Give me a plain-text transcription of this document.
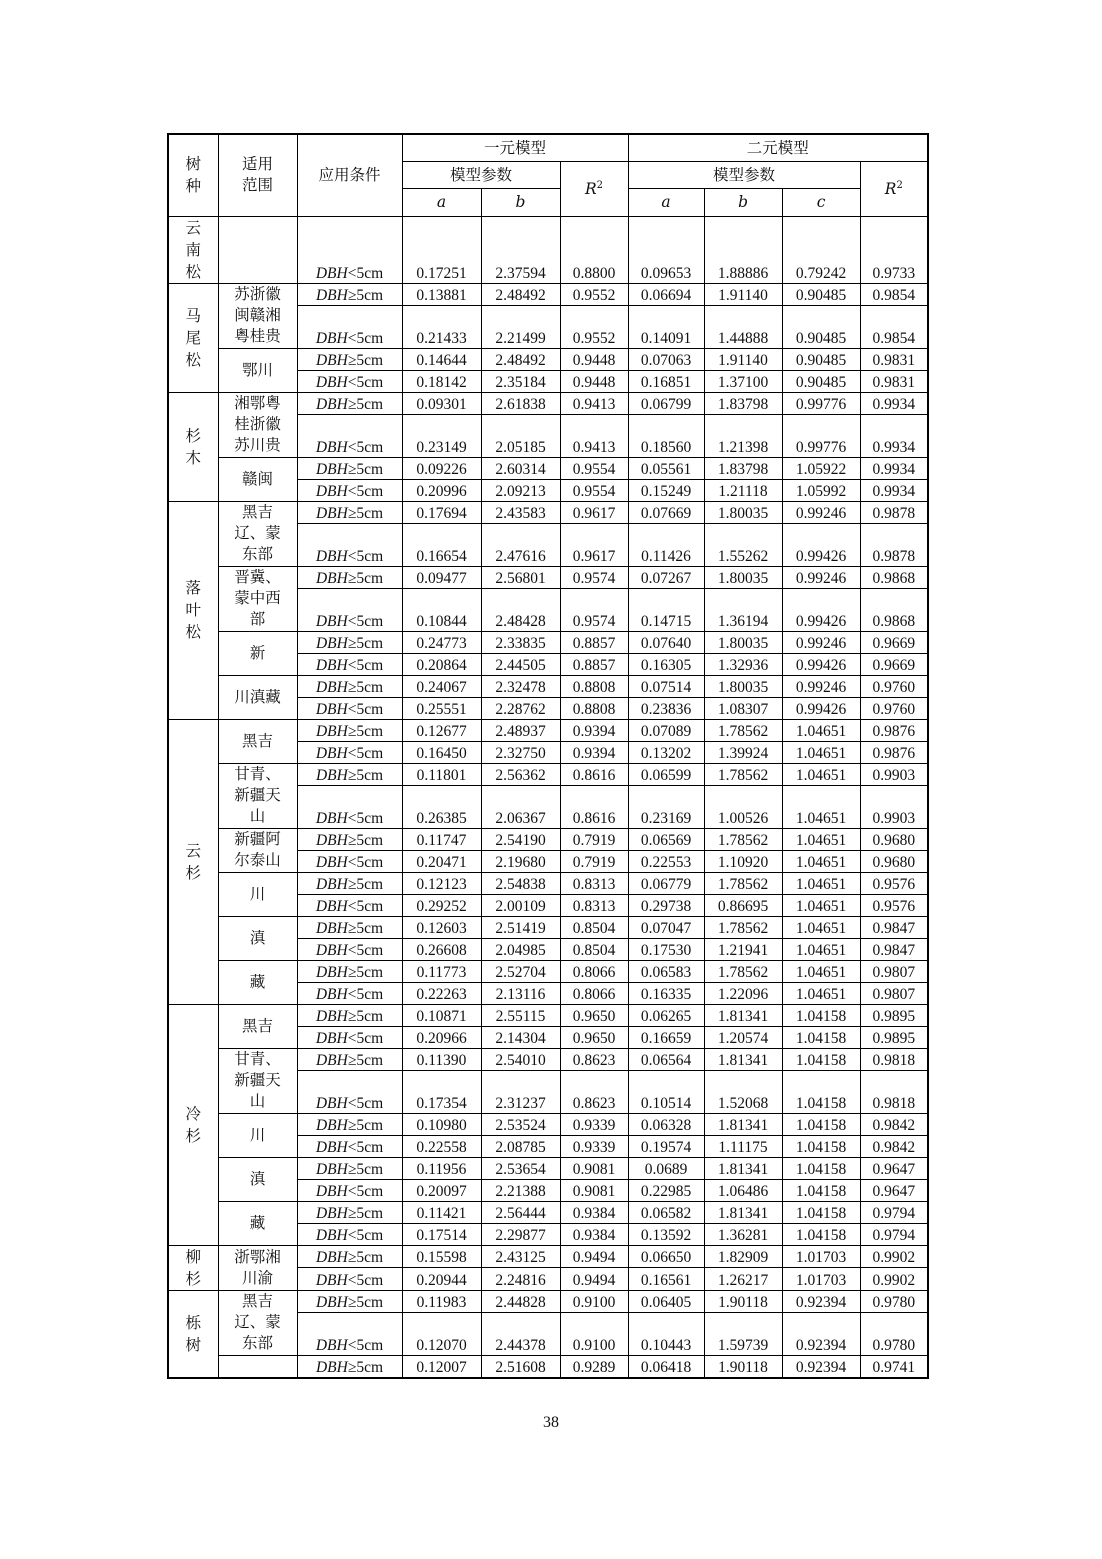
树种	适用范围	应用条件	一元模型			二元模型			
			模型参数		$R^2$	模型参数			$R^2$
			a	b		a	b	c	
云南松		DBH<5cm	0.17251	2.37594	0.8800	0.09653	1.88886	0.79242	0.9733
马尾松	苏浙徽闽赣湘粤桂贵	DBH≥5cm	0.13881	2.48492	0.9552	0.06694	1.91140	0.90485	0.9854
		DBH<5cm	0.21433	2.21499	0.9552	0.14091	1.44888	0.90485	0.9854
	鄂川	DBH≥5cm	0.14644	2.48492	0.9448	0.07063	1.91140	0.90485	0.9831
		DBH<5cm	0.18142	2.35184	0.9448	0.16851	1.37100	0.90485	0.9831
杉木	湘鄂粤桂浙徽苏川贵	DBH≥5cm	0.09301	2.61838	0.9413	0.06799	1.83798	0.99776	0.9934
		DBH<5cm	0.23149	2.05185	0.9413	0.18560	1.21398	0.99776	0.9934
	赣闽	DBH≥5cm	0.09226	2.60314	0.9554	0.05561	1.83798	1.05922	0.9934
		DBH<5cm	0.20996	2.09213	0.9554	0.15249	1.21118	1.05992	0.9934
落叶松	黑吉辽、蒙东部	DBH≥5cm	0.17694	2.43583	0.9617	0.07669	1.80035	0.99246	0.9878
		DBH<5cm	0.16654	2.47616	0.9617	0.11426	1.55262	0.99426	0.9878
	晋冀、蒙中西部	DBH≥5cm	0.09477	2.56801	0.9574	0.07267	1.80035	0.99246	0.9868
		DBH<5cm	0.10844	2.48428	0.9574	0.14715	1.36194	0.99426	0.9868
	新	DBH≥5cm	0.24773	2.33835	0.8857	0.07640	1.80035	0.99246	0.9669
		DBH<5cm	0.20864	2.44505	0.8857	0.16305	1.32936	0.99426	0.9669
	川滇藏	DBH≥5cm	0.24067	2.32478	0.8808	0.07514	1.80035	0.99246	0.9760
		DBH<5cm	0.25551	2.28762	0.8808	0.23836	1.08307	0.99426	0.9760
云杉	黑吉	DBH≥5cm	0.12677	2.48937	0.9394	0.07089	1.78562	1.04651	0.9876
		DBH<5cm	0.16450	2.32750	0.9394	0.13202	1.39924	1.04651	0.9876
	甘青、新疆天山	DBH≥5cm	0.11801	2.56362	0.8616	0.06599	1.78562	1.04651	0.9903
		DBH<5cm	0.26385	2.06367	0.8616	0.23169	1.00526	1.04651	0.9903
	新疆阿尔泰山	DBH≥5cm	0.11747	2.54190	0.7919	0.06569	1.78562	1.04651	0.9680
		DBH<5cm	0.20471	2.19680	0.7919	0.22553	1.10920	1.04651	0.9680
	川	DBH≥5cm	0.12123	2.54838	0.8313	0.06779	1.78562	1.04651	0.9576
		DBH<5cm	0.29252	2.00109	0.8313	0.29738	0.86695	1.04651	0.9576
	滇	DBH≥5cm	0.12603	2.51419	0.8504	0.07047	1.78562	1.04651	0.9847
		DBH<5cm	0.26608	2.04985	0.8504	0.17530	1.21941	1.04651	0.9847
	藏	DBH≥5cm	0.11773	2.52704	0.8066	0.06583	1.78562	1.04651	0.9807
		DBH<5cm	0.22263	2.13116	0.8066	0.16335	1.22096	1.04651	0.9807
冷杉	黑吉	DBH≥5cm	0.10871	2.55115	0.9650	0.06265	1.81341	1.04158	0.9895
		DBH<5cm	0.20966	2.14304	0.9650	0.16659	1.20574	1.04158	0.9895
	甘青、新疆天山	DBH≥5cm	0.11390	2.54010	0.8623	0.06564	1.81341	1.04158	0.9818
		DBH<5cm	0.17354	2.31237	0.8623	0.10514	1.52068	1.04158	0.9818
	川	DBH≥5cm	0.10980	2.53524	0.9339	0.06328	1.81341	1.04158	0.9842
		DBH<5cm	0.22558	2.08785	0.9339	0.19574	1.11175	1.04158	0.9842
	滇	DBH≥5cm	0.11956	2.53654	0.9081	0.0689	1.81341	1.04158	0.9647
		DBH<5cm	0.20097	2.21388	0.9081	0.22985	1.06486	1.04158	0.9647
	藏	DBH≥5cm	0.11421	2.56444	0.9384	0.06582	1.81341	1.04158	0.9794
		DBH<5cm	0.17514	2.29877	0.9384	0.13592	1.36281	1.04158	0.9794
柳杉	浙鄂湘川渝	DBH≥5cm	0.15598	2.43125	0.9494	0.06650	1.82909	1.01703	0.9902
		DBH<5cm	0.20944	2.24816	0.9494	0.16561	1.26217	1.01703	0.9902
栎树	黑吉辽、蒙东部	DBH≥5cm	0.11983	2.44828	0.9100	0.06405	1.90118	0.92394	0.9780
		DBH<5cm	0.12070	2.44378	0.9100	0.10443	1.59739	0.92394	0.9780
		DBH≥5cm	0.12007	2.51608	0.9289	0.06418	1.90118	0.92394	0.9741
38
